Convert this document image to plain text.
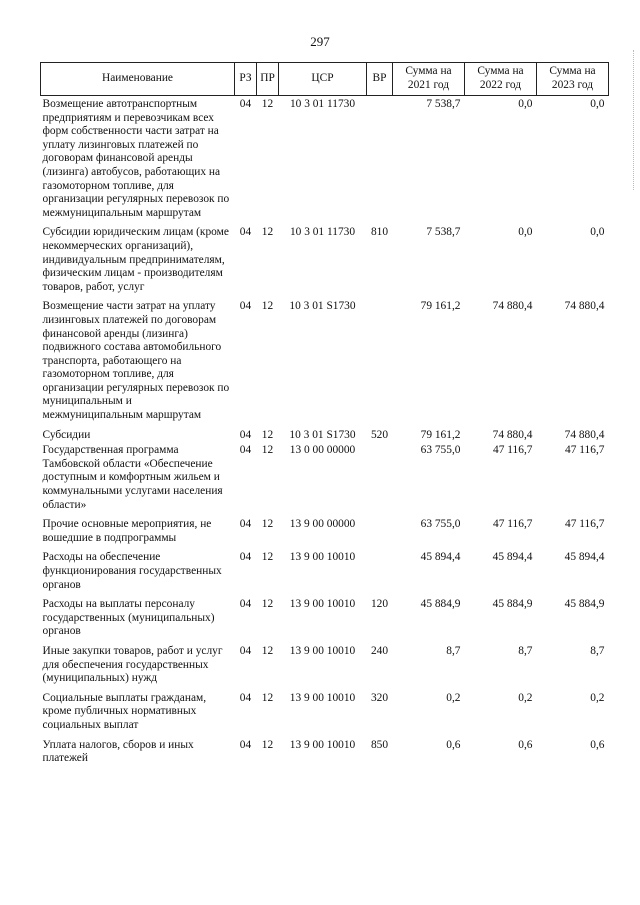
297
Наименование	РЗ	ПР	ЦСР	ВР	Сумма на 2021 год	Сумма на 2022 год	Сумма на 2023 год
Возмещение автотранспортным предприятиям и перевозчикам всех форм собственности части затрат на уплату лизинговых платежей по договорам финансовой аренды (лизинга) автобусов, работающих на газомоторном топливе, для организации регулярных перевозок по межмуниципальным маршрутам	04	12	10 3 01 11730		7 538,7	0,0	0,0
Субсидии юридическим лицам (кроме некоммерческих организаций), индивидуальным предпринимателям, физическим лицам - производителям товаров, работ, услуг	04	12	10 3 01 11730	810	7 538,7	0,0	0,0
Возмещение части затрат на уплату лизинговых платежей по договорам финансовой аренды (лизинга) подвижного состава автомобильного транспорта, работающего на газомоторном топливе, для организации регулярных перевозок по муниципальным и межмуниципальным маршрутам	04	12	10 3 01 S1730		79 161,2	74 880,4	74 880,4
Субсидии	04	12	10 3 01 S1730	520	79 161,2	74 880,4	74 880,4
Государственная программа Тамбовской области «Обеспечение доступным и комфортным жильем и коммунальными услугами населения области»	04	12	13 0 00 00000		63 755,0	47 116,7	47 116,7
Прочие основные мероприятия, не вошедшие в подпрограммы	04	12	13 9 00 00000		63 755,0	47 116,7	47 116,7
Расходы на обеспечение функционирования государственных органов	04	12	13 9 00 10010		45 894,4	45 894,4	45 894,4
Расходы на выплаты персоналу государственных (муниципальных) органов	04	12	13 9 00 10010	120	45 884,9	45 884,9	45 884,9
Иные закупки товаров, работ и услуг для обеспечения государственных (муниципальных) нужд	04	12	13 9 00 10010	240	8,7	8,7	8,7
Социальные выплаты гражданам, кроме публичных нормативных социальных выплат	04	12	13 9 00 10010	320	0,2	0,2	0,2
Уплата налогов, сборов и иных платежей	04	12	13 9 00 10010	850	0,6	0,6	0,6
